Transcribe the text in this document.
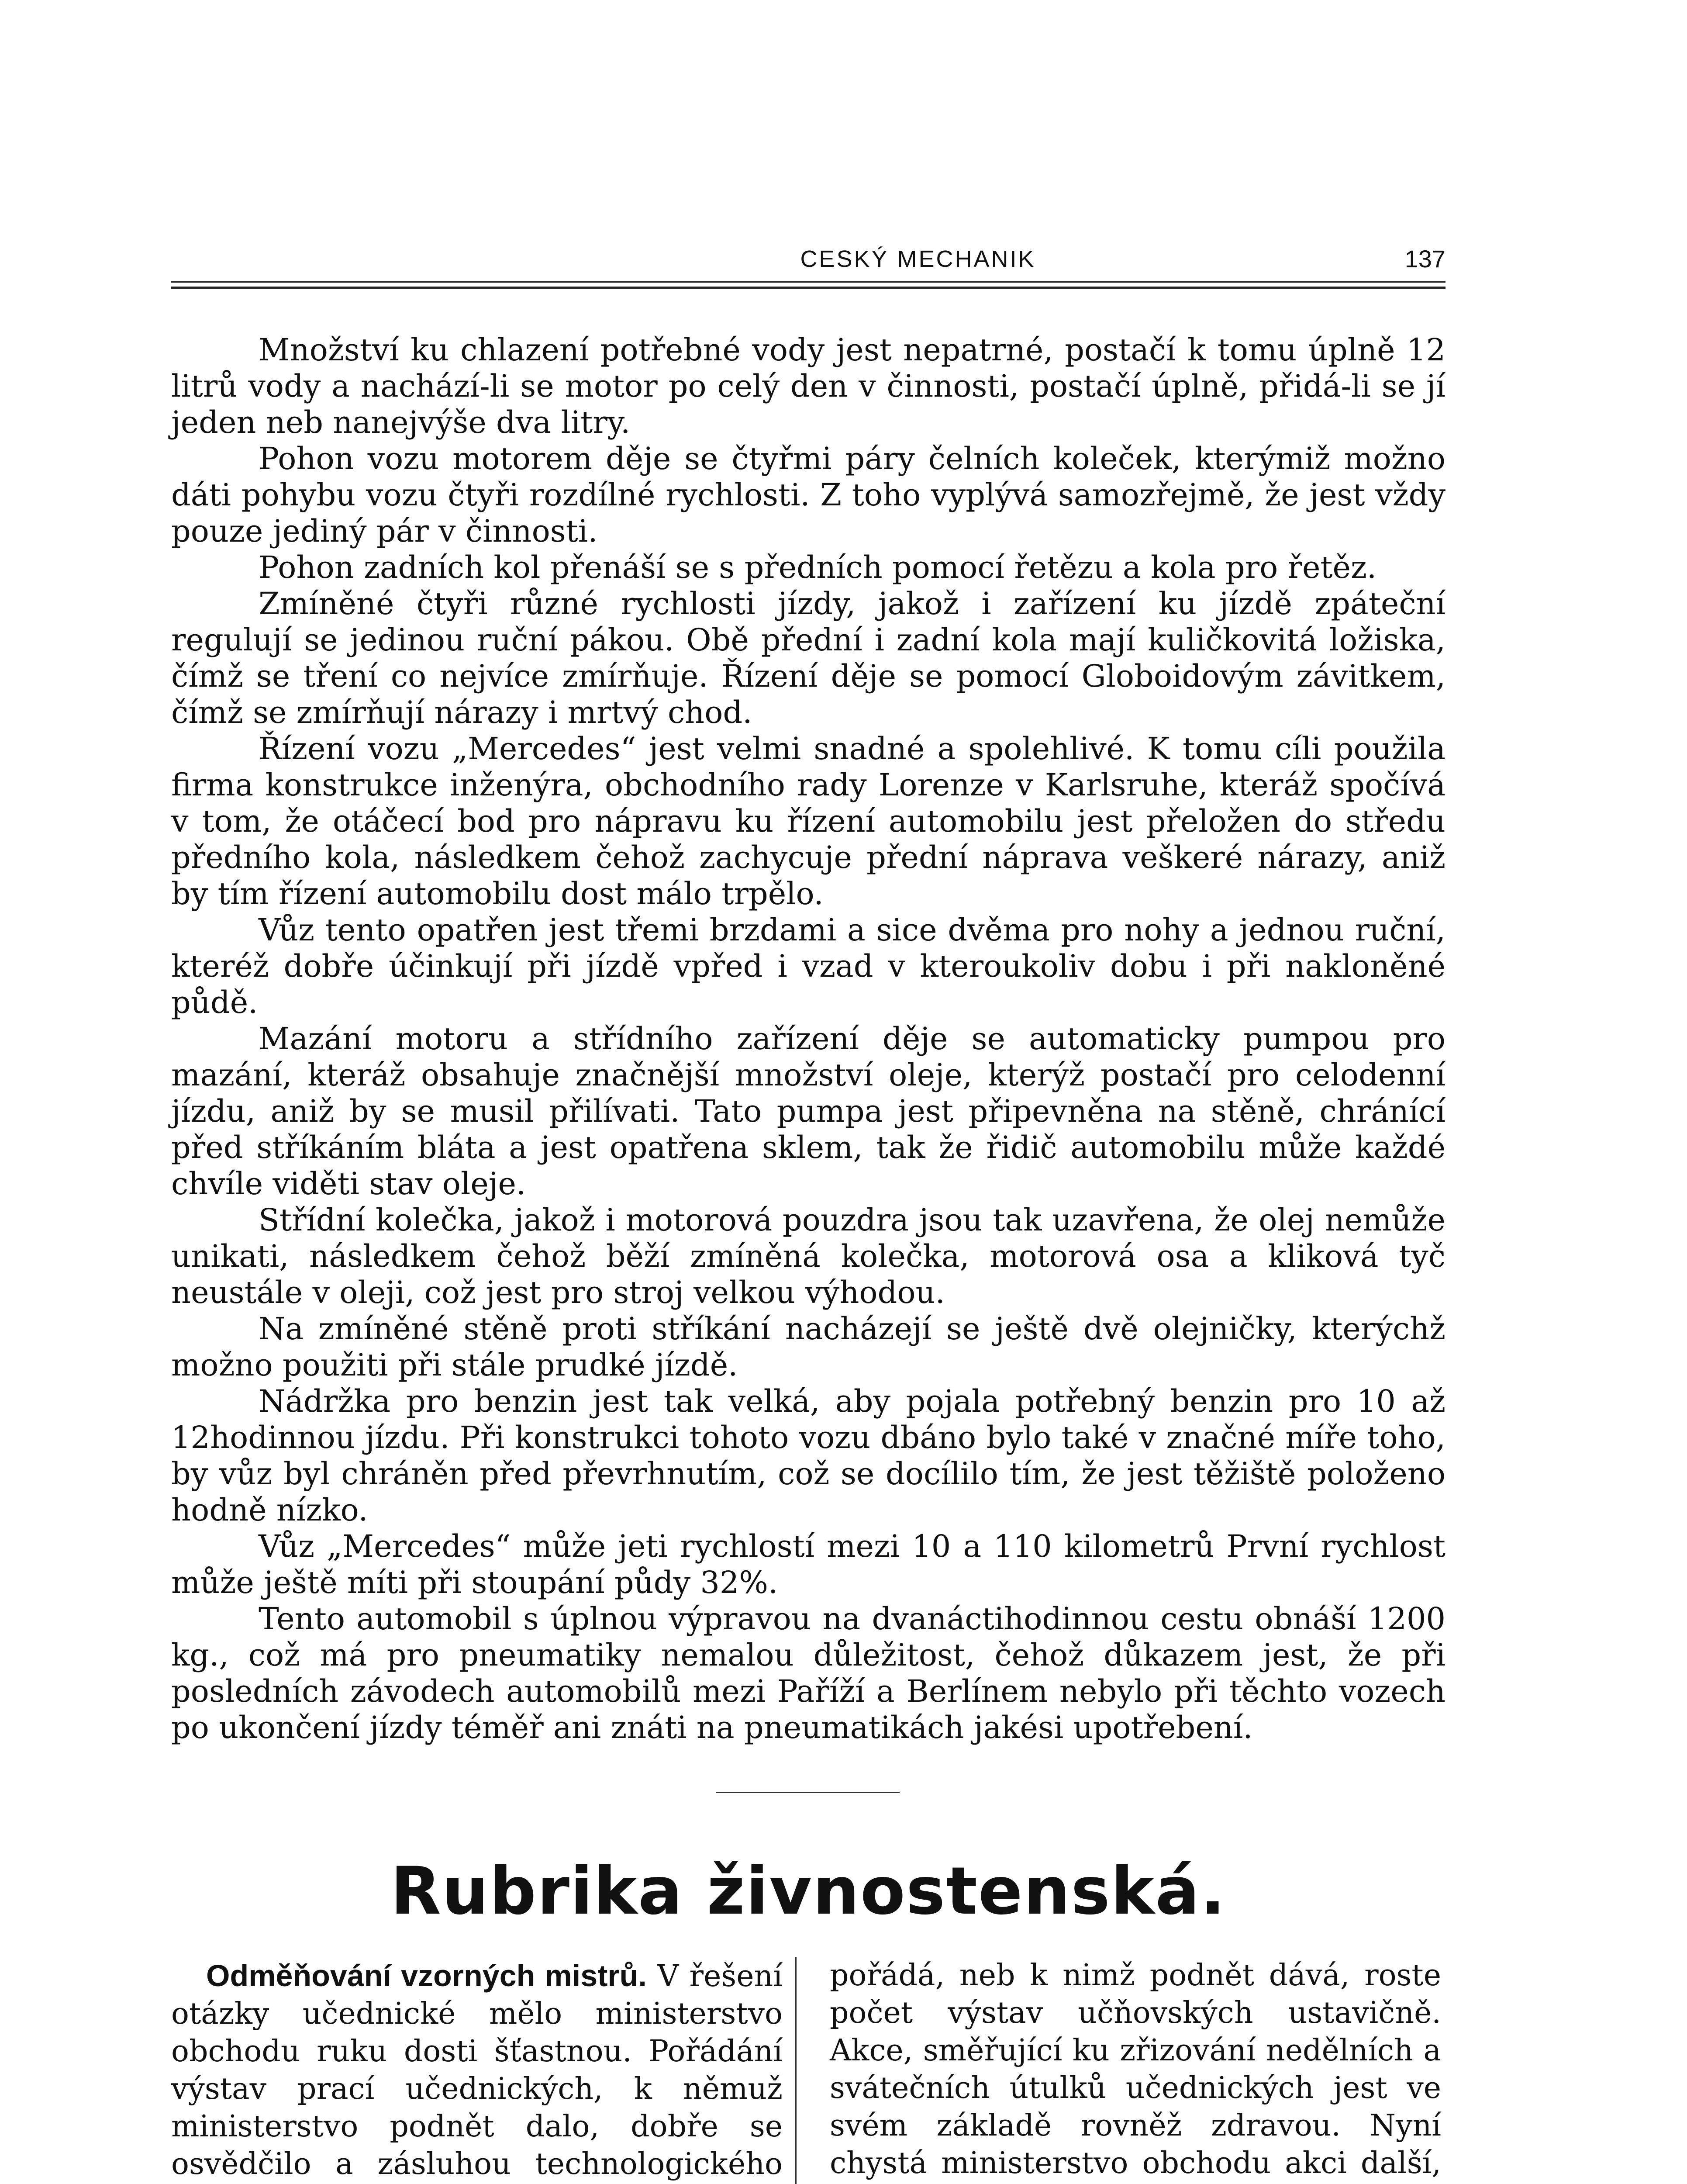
CESKÝ MECHANIK	137

Množství ku chlazení potřebné vody jest nepatrné, postačí k tomu úplně 12 litrů vody a nachází-li se motor po celý den v činnosti, postačí úplně, přidá-li se jí jeden neb nanejvýše dva litry.

Pohon vozu motorem děje se čtyřmi páry čelních koleček, kterýmiž možno dáti pohybu vozu čtyři rozdílné rychlosti. Z toho vyplývá samozřejmě, že jest vždy pouze jediný pár v činnosti.

Pohon zadních kol přenáší se s předních pomocí řetězu a kola pro řetěz.

Zmíněné čtyři různé rychlosti jízdy, jakož i zařízení ku jízdě zpáteční regulují se jedinou ruční pákou. Obě přední i zadní kola mají kuličkovitá ložiska, čímž se tření co nejvíce zmírňuje. Řízení děje se pomocí Globoidovým závitkem, čímž se zmírňují nárazy i mrtvý chod.

Řízení vozu „Mercedes“ jest velmi snadné a spolehlivé. K tomu cíli použila firma konstrukce inženýra, obchodního rady Lorenze v Karlsruhe, kteráž spočívá v tom, že otáčecí bod pro nápravu ku řízení automobilu jest přeložen do středu předního kola, následkem čehož zachycuje přední náprava veškeré nárazy, aniž by tím řízení automobilu dost málo trpělo.

Vůz tento opatřen jest třemi brzdami a sice dvěma pro nohy a jednou ruční, kteréž dobře účinkují při jízdě vpřed i vzad v kteroukoliv dobu i při nakloněné půdě.

Mazání motoru a střídního zařízení děje se automaticky pumpou pro mazání, kteráž obsahuje značnější množství oleje, kterýž postačí pro celodenní jízdu, aniž by se musil přilívati. Tato pumpa jest připevněna na stěně, chránící před stříkáním bláta a jest opatřena sklem, tak že řidič automobilu může každé chvíle viděti stav oleje.

Střídní kolečka, jakož i motorová pouzdra jsou tak uzavřena, že olej nemůže unikati, následkem čehož běží zmíněná kolečka, motorová osa a kliková tyč neustále v oleji, což jest pro stroj velkou výhodou.

Na zmíněné stěně proti stříkání nacházejí se ještě dvě olejničky, kterýchž možno použiti při stále prudké jízdě.

Nádržka pro benzin jest tak velká, aby pojala potřebný benzin pro 10 až 12hodinnou jízdu. Při konstrukci tohoto vozu dbáno bylo také v značné míře toho, by vůz byl chráněn před převrhnutím, což se docílilo tím, že jest těžiště položeno hodně nízko.

Vůz „Mercedes“ může jeti rychlostí mezi 10 a 110 kilometrů První rychlost může ještě míti při stoupání půdy 32%.

Tento automobil s úplnou výpravou na dvanáctihodinnou cestu obnáší 1200 kg., což má pro pneumatiky nemalou důležitost, čehož důkazem jest, že při posledních závodech automobilů mezi Paříží a Berlínem nebylo při těchto vozech po ukončení jízdy téměř ani znáti na pneumatikách jakési upotřebení.

Rubrika živnostenská.

Odměňování vzorných mistrů. V řešení otázky učednické mělo ministerstvo obchodu ruku dosti šťastnou. Pořádání výstav prací učednických, k němuž ministerstvo podnět dalo, dobře se osvědčilo a zásluhou technologického

pořádá, neb k nimž podnět dává, roste počet výstav učňovských ustavičně. Akce, směřující ku zřizování nedělních a svátečních útulků učednických jest ve svém základě rovněž zdravou. Nyní chystá ministerstvo obchodu akci další,
